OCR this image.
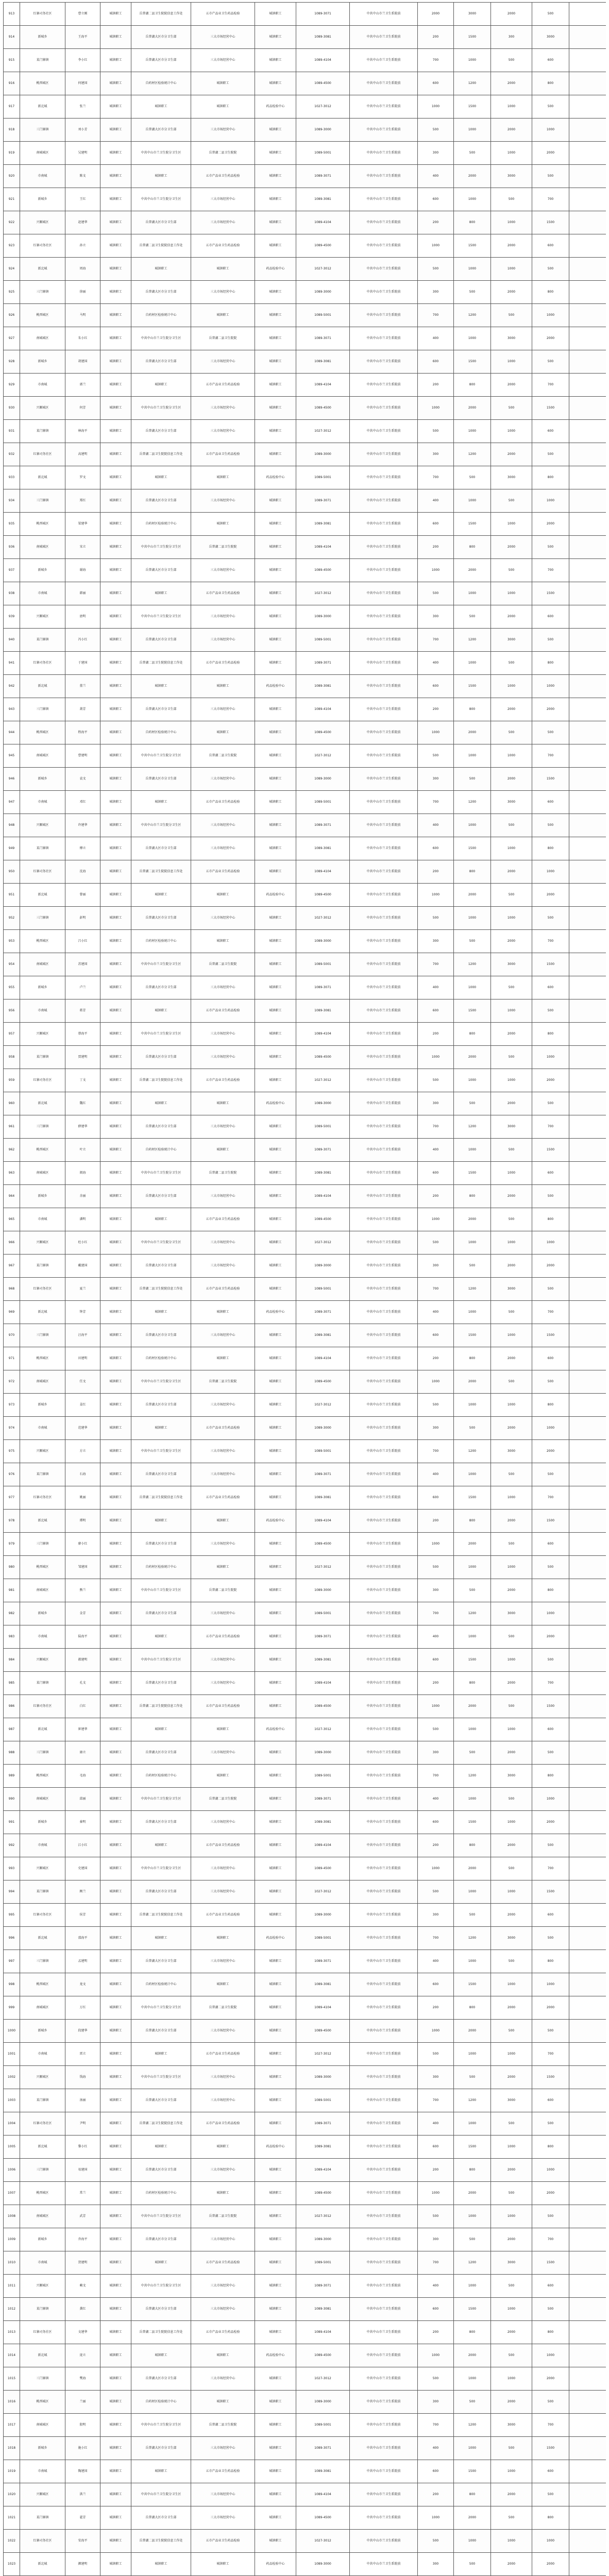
913	红寨司务社区	曹立刚	城镇职工	岳普湖二县卫生院院信息工作处	五市产品业卫生药品检验	城镇职工	1089-3071	中共中山市兰卫生系院前	2000	3000	2000	500	
914	新城乡	王海平	城镇职工	岳普湖大区市分卫生部	三大市场经营中心	城镇职工	1089-3081	中共中山市兰卫生系院前	200	1500	300	3000	
915	某门寨镇	李小红	城镇职工	岳普湖大区市分卫生部	三大市场经营中心	城镇职工	1089-4104	中共中山市兰卫生系院前	700	1000	500	600	
916	桃西城区	何建国	城镇职工	自药材区检验统计中心	城镇职工	城镇职工	1089-4500	中共中山市兰卫生系院前	600	1200	2000	800	
917	新北城	张兰	城镇职工	城镇职工	城镇职工	药品检验中心	1027-3012	中共中山市兰卫生系院前	1000	1500	1000	500	
918	三门寨镇	刘小芳	城镇职工	岳普湖大区市分卫生部	三大市场经营中心	城镇职工	1089-3000	中共中山市兰卫生系院前	500	1000	2000	1000	
919	南城城区	吴建明	城镇职工	中共中山市兰卫生院分卫生区	岳普湖二县卫生院院	城镇职工	1089-5001	中共中山市兰卫生系院前	300	500	1000	2000	
920	市南城	陈文	城镇职工	城镇职工	五市产品业卫生药品检验	城镇职工	1089-3071	中共中山市兰卫生系院前	400	2000	3000	500	
921	新城乡	王红	城镇职工	中共中山市兰卫生院分卫生区	三大市场经营中心	城镇职工	1089-3081	中共中山市兰卫生系院前	600	1000	500	700	
922	兴顺城区	赵建华	城镇职工	岳普湖大区市分卫生部	三大市场经营中心	城镇职工	1089-4104	中共中山市兰卫生系院前	200	800	1000	1500	
923	红寨司务社区	孙立	城镇职工	岳普湖二县卫生院院信息工作处	五市产品业卫生药品检验	城镇职工	1089-4500	中共中山市兰卫生系院前	1000	1500	2000	600	
924	新北城	周海	城镇职工	城镇职工	城镇职工	药品检验中心	1027-3012	中共中山市兰卫生系院前	500	1000	1000	500	
925	三门寨镇	徐丽	城镇职工	岳普湖大区市分卫生部	三大市场经营中心	城镇职工	1089-3000	中共中山市兰卫生系院前	300	500	2000	800	
926	桃西城区	马明	城镇职工	自药材区检验统计中心	城镇职工	城镇职工	1089-5001	中共中山市兰卫生系院前	700	1200	500	1000	
927	南城城区	朱小红	城镇职工	中共中山市兰卫生院分卫生区	岳普湖二县卫生院院	城镇职工	1089-3071	中共中山市兰卫生系院前	400	1000	3000	2000	
928	新城乡	胡建国	城镇职工	岳普湖大区市分卫生部	三大市场经营中心	城镇职工	1089-3081	中共中山市兰卫生系院前	600	1500	1000	500	
929	市南城	郭兰	城镇职工	城镇职工	五市产品业卫生药品检验	城镇职工	1089-4104	中共中山市兰卫生系院前	200	800	2000	700	
930	兴顺城区	何芳	城镇职工	中共中山市兰卫生院分卫生区	三大市场经营中心	城镇职工	1089-4500	中共中山市兰卫生系院前	1000	2000	500	1500	
931	某门寨镇	林海平	城镇职工	岳普湖大区市分卫生部	三大市场经营中心	城镇职工	1027-3012	中共中山市兰卫生系院前	500	1000	1000	600	
932	红寨司务社区	高建明	城镇职工	岳普湖二县卫生院院信息工作处	五市产品业卫生药品检验	城镇职工	1089-3000	中共中山市兰卫生系院前	300	1200	2000	500	
933	新北城	罗文	城镇职工	城镇职工	城镇职工	药品检验中心	1089-5001	中共中山市兰卫生系院前	700	500	3000	800	
934	三门寨镇	郑红	城镇职工	岳普湖大区市分卫生部	三大市场经营中心	城镇职工	1089-3071	中共中山市兰卫生系院前	400	1000	500	1000	
935	桃西城区	梁建华	城镇职工	自药材区检验统计中心	城镇职工	城镇职工	1089-3081	中共中山市兰卫生系院前	600	1500	1000	2000	
936	南城城区	宋立	城镇职工	中共中山市兰卫生院分卫生区	岳普湖二县卫生院院	城镇职工	1089-4104	中共中山市兰卫生系院前	200	800	2000	500	
937	新城乡	谢海	城镇职工	岳普湖大区市分卫生部	三大市场经营中心	城镇职工	1089-4500	中共中山市兰卫生系院前	1000	2000	500	700	
938	市南城	韩丽	城镇职工	城镇职工	五市产品业卫生药品检验	城镇职工	1027-3012	中共中山市兰卫生系院前	500	1000	1000	1500	
939	兴顺城区	唐明	城镇职工	中共中山市兰卫生院分卫生区	三大市场经营中心	城镇职工	1089-3000	中共中山市兰卫生系院前	300	500	2000	600	
940	某门寨镇	冯小红	城镇职工	岳普湖大区市分卫生部	三大市场经营中心	城镇职工	1089-5001	中共中山市兰卫生系院前	700	1200	3000	500	
941	红寨司务社区	于建国	城镇职工	岳普湖二县卫生院院信息工作处	五市产品业卫生药品检验	城镇职工	1089-3071	中共中山市兰卫生系院前	400	1000	500	800	
942	新北城	董兰	城镇职工	城镇职工	城镇职工	药品检验中心	1089-3081	中共中山市兰卫生系院前	600	1500	1000	1000	
943	三门寨镇	萧芳	城镇职工	岳普湖大区市分卫生部	三大市场经营中心	城镇职工	1089-4104	中共中山市兰卫生系院前	200	800	2000	2000	
944	桃西城区	程海平	城镇职工	自药材区检验统计中心	城镇职工	城镇职工	1089-4500	中共中山市兰卫生系院前	1000	2000	500	500	
945	南城城区	曹建明	城镇职工	中共中山市兰卫生院分卫生区	岳普湖二县卫生院院	城镇职工	1027-3012	中共中山市兰卫生系院前	500	1000	1000	700	
946	新城乡	袁文	城镇职工	岳普湖大区市分卫生部	三大市场经营中心	城镇职工	1089-3000	中共中山市兰卫生系院前	300	500	2000	1500	
947	市南城	邓红	城镇职工	城镇职工	五市产品业卫生药品检验	城镇职工	1089-5001	中共中山市兰卫生系院前	700	1200	3000	600	
948	兴顺城区	许建华	城镇职工	中共中山市兰卫生院分卫生区	三大市场经营中心	城镇职工	1089-3071	中共中山市兰卫生系院前	400	1000	500	500	
949	某门寨镇	傅立	城镇职工	岳普湖大区市分卫生部	三大市场经营中心	城镇职工	1089-3081	中共中山市兰卫生系院前	600	1500	1000	800	
950	红寨司务社区	沈海	城镇职工	岳普湖二县卫生院院信息工作处	五市产品业卫生药品检验	城镇职工	1089-4104	中共中山市兰卫生系院前	200	800	2000	1000	
951	新北城	曾丽	城镇职工	城镇职工	城镇职工	药品检验中心	1089-4500	中共中山市兰卫生系院前	1000	2000	500	2000	
952	三门寨镇	彭明	城镇职工	岳普湖大区市分卫生部	三大市场经营中心	城镇职工	1027-3012	中共中山市兰卫生系院前	500	1000	1000	500	
953	桃西城区	吕小红	城镇职工	自药材区检验统计中心	城镇职工	城镇职工	1089-3000	中共中山市兰卫生系院前	300	500	2000	700	
954	南城城区	苏建国	城镇职工	中共中山市兰卫生院分卫生区	岳普湖二县卫生院院	城镇职工	1089-5001	中共中山市兰卫生系院前	700	1200	3000	1500	
955	新城乡	卢兰	城镇职工	岳普湖大区市分卫生部	三大市场经营中心	城镇职工	1089-3071	中共中山市兰卫生系院前	400	1000	500	600	
956	市南城	蒋芳	城镇职工	城镇职工	五市产品业卫生药品检验	城镇职工	1089-3081	中共中山市兰卫生系院前	600	1500	1000	500	
957	兴顺城区	蔡海平	城镇职工	中共中山市兰卫生院分卫生区	三大市场经营中心	城镇职工	1089-4104	中共中山市兰卫生系院前	200	800	2000	800	
958	某门寨镇	贾建明	城镇职工	岳普湖大区市分卫生部	三大市场经营中心	城镇职工	1089-4500	中共中山市兰卫生系院前	1000	2000	500	1000	
959	红寨司务社区	丁文	城镇职工	岳普湖二县卫生院院信息工作处	五市产品业卫生药品检验	城镇职工	1027-3012	中共中山市兰卫生系院前	500	1000	1000	2000	
960	新北城	魏红	城镇职工	城镇职工	城镇职工	药品检验中心	1089-3000	中共中山市兰卫生系院前	300	500	2000	500	
961	三门寨镇	薛建华	城镇职工	岳普湖大区市分卫生部	三大市场经营中心	城镇职工	1089-5001	中共中山市兰卫生系院前	700	1200	3000	700	
962	桃西城区	叶立	城镇职工	自药材区检验统计中心	城镇职工	城镇职工	1089-3071	中共中山市兰卫生系院前	400	1000	500	1500	
963	南城城区	阎海	城镇职工	中共中山市兰卫生院分卫生区	岳普湖二县卫生院院	城镇职工	1089-3081	中共中山市兰卫生系院前	600	1500	1000	600	
964	新城乡	余丽	城镇职工	岳普湖大区市分卫生部	三大市场经营中心	城镇职工	1089-4104	中共中山市兰卫生系院前	200	800	2000	500	
965	市南城	潘明	城镇职工	城镇职工	五市产品业卫生药品检验	城镇职工	1089-4500	中共中山市兰卫生系院前	1000	2000	500	800	
966	兴顺城区	杜小红	城镇职工	中共中山市兰卫生院分卫生区	三大市场经营中心	城镇职工	1027-3012	中共中山市兰卫生系院前	500	1000	1000	1000	
967	某门寨镇	戴建国	城镇职工	岳普湖大区市分卫生部	三大市场经营中心	城镇职工	1089-3000	中共中山市兰卫生系院前	300	500	2000	2000	
968	红寨司务社区	夏兰	城镇职工	岳普湖二县卫生院院信息工作处	五市产品业卫生药品检验	城镇职工	1089-5001	中共中山市兰卫生系院前	700	1200	3000	500	
969	新北城	钟芳	城镇职工	城镇职工	城镇职工	药品检验中心	1089-3071	中共中山市兰卫生系院前	400	1000	500	700	
970	三门寨镇	汪海平	城镇职工	岳普湖大区市分卫生部	三大市场经营中心	城镇职工	1089-3081	中共中山市兰卫生系院前	600	1500	1000	1500	
971	桃西城区	田建明	城镇职工	自药材区检验统计中心	城镇职工	城镇职工	1089-4104	中共中山市兰卫生系院前	200	800	2000	600	
972	南城城区	任文	城镇职工	中共中山市兰卫生院分卫生区	岳普湖二县卫生院院	城镇职工	1089-4500	中共中山市兰卫生系院前	1000	2000	500	500	
973	新城乡	姜红	城镇职工	岳普湖大区市分卫生部	三大市场经营中心	城镇职工	1027-3012	中共中山市兰卫生系院前	500	1000	1000	800	
974	市南城	范建华	城镇职工	城镇职工	五市产品业卫生药品检验	城镇职工	1089-3000	中共中山市兰卫生系院前	300	500	2000	1000	
975	兴顺城区	方立	城镇职工	中共中山市兰卫生院分卫生区	三大市场经营中心	城镇职工	1089-5001	中共中山市兰卫生系院前	700	1200	3000	2000	
976	某门寨镇	石海	城镇职工	岳普湖大区市分卫生部	三大市场经营中心	城镇职工	1089-3071	中共中山市兰卫生系院前	400	1000	500	500	
977	红寨司务社区	姚丽	城镇职工	岳普湖二县卫生院院信息工作处	五市产品业卫生药品检验	城镇职工	1089-3081	中共中山市兰卫生系院前	600	1500	1000	700	
978	新北城	谭明	城镇职工	城镇职工	城镇职工	药品检验中心	1089-4104	中共中山市兰卫生系院前	200	800	2000	1500	
979	三门寨镇	廖小红	城镇职工	岳普湖大区市分卫生部	三大市场经营中心	城镇职工	1089-4500	中共中山市兰卫生系院前	1000	2000	500	600	
980	桃西城区	邹建国	城镇职工	自药材区检验统计中心	城镇职工	城镇职工	1027-3012	中共中山市兰卫生系院前	500	1000	1000	500	
981	南城城区	熊兰	城镇职工	中共中山市兰卫生院分卫生区	岳普湖二县卫生院院	城镇职工	1089-3000	中共中山市兰卫生系院前	300	500	2000	800	
982	新城乡	金芳	城镇职工	岳普湖大区市分卫生部	三大市场经营中心	城镇职工	1089-5001	中共中山市兰卫生系院前	700	1200	3000	1000	
983	市南城	陆海平	城镇职工	城镇职工	五市产品业卫生药品检验	城镇职工	1089-3071	中共中山市兰卫生系院前	400	1000	500	2000	
984	兴顺城区	郝建明	城镇职工	中共中山市兰卫生院分卫生区	三大市场经营中心	城镇职工	1089-3081	中共中山市兰卫生系院前	600	1500	1000	500	
985	某门寨镇	孔文	城镇职工	岳普湖大区市分卫生部	三大市场经营中心	城镇职工	1089-4104	中共中山市兰卫生系院前	200	800	2000	700	
986	红寨司务社区	白红	城镇职工	岳普湖二县卫生院院信息工作处	五市产品业卫生药品检验	城镇职工	1089-4500	中共中山市兰卫生系院前	1000	2000	500	1500	
987	新北城	崔建华	城镇职工	城镇职工	城镇职工	药品检验中心	1027-3012	中共中山市兰卫生系院前	500	1000	1000	600	
988	三门寨镇	康立	城镇职工	岳普湖大区市分卫生部	三大市场经营中心	城镇职工	1089-3000	中共中山市兰卫生系院前	300	500	2000	500	
989	桃西城区	毛海	城镇职工	自药材区检验统计中心	城镇职工	城镇职工	1089-5001	中共中山市兰卫生系院前	700	1200	3000	800	
990	南城城区	邱丽	城镇职工	中共中山市兰卫生院分卫生区	岳普湖二县卫生院院	城镇职工	1089-3071	中共中山市兰卫生系院前	400	1000	500	1000	
991	新城乡	秦明	城镇职工	岳普湖大区市分卫生部	三大市场经营中心	城镇职工	1089-3081	中共中山市兰卫生系院前	600	1500	1000	2000	
992	市南城	江小红	城镇职工	城镇职工	五市产品业卫生药品检验	城镇职工	1089-4104	中共中山市兰卫生系院前	200	800	2000	500	
993	兴顺城区	史建国	城镇职工	中共中山市兰卫生院分卫生区	三大市场经营中心	城镇职工	1089-4500	中共中山市兰卫生系院前	1000	2000	500	700	
994	某门寨镇	顾兰	城镇职工	岳普湖大区市分卫生部	三大市场经营中心	城镇职工	1027-3012	中共中山市兰卫生系院前	500	1000	1000	1500	
995	红寨司务社区	侯芳	城镇职工	岳普湖二县卫生院院信息工作处	五市产品业卫生药品检验	城镇职工	1089-3000	中共中山市兰卫生系院前	300	500	2000	600	
996	新北城	邵海平	城镇职工	城镇职工	城镇职工	药品检验中心	1089-5001	中共中山市兰卫生系院前	700	1200	3000	500	
997	三门寨镇	孟建明	城镇职工	岳普湖大区市分卫生部	三大市场经营中心	城镇职工	1089-3071	中共中山市兰卫生系院前	400	1000	500	800	
998	桃西城区	龙文	城镇职工	自药材区检验统计中心	城镇职工	城镇职工	1089-3081	中共中山市兰卫生系院前	600	1500	1000	1000	
999	南城城区	万红	城镇职工	中共中山市兰卫生院分卫生区	岳普湖二县卫生院院	城镇职工	1089-4104	中共中山市兰卫生系院前	200	800	2000	2000	
1000	新城乡	段建华	城镇职工	岳普湖大区市分卫生部	三大市场经营中心	城镇职工	1089-4500	中共中山市兰卫生系院前	1000	2000	500	500	
1001	市南城	雷立	城镇职工	城镇职工	五市产品业卫生药品检验	城镇职工	1027-3012	中共中山市兰卫生系院前	500	1000	1000	700	
1002	兴顺城区	钱海	城镇职工	中共中山市兰卫生院分卫生区	三大市场经营中心	城镇职工	1089-3000	中共中山市兰卫生系院前	300	500	2000	1500	
1003	某门寨镇	汤丽	城镇职工	岳普湖大区市分卫生部	三大市场经营中心	城镇职工	1089-5001	中共中山市兰卫生系院前	700	1200	3000	600	
1004	红寨司务社区	尹明	城镇职工	岳普湖二县卫生院院信息工作处	五市产品业卫生药品检验	城镇职工	1089-3071	中共中山市兰卫生系院前	400	1000	500	500	
1005	新北城	黎小红	城镇职工	城镇职工	城镇职工	药品检验中心	1089-3081	中共中山市兰卫生系院前	600	1500	1000	800	
1006	三门寨镇	易建国	城镇职工	岳普湖大区市分卫生部	三大市场经营中心	城镇职工	1089-4104	中共中山市兰卫生系院前	200	800	2000	1000	
1007	桃西城区	常兰	城镇职工	自药材区检验统计中心	城镇职工	城镇职工	1089-4500	中共中山市兰卫生系院前	1000	2000	500	2000	
1008	南城城区	武芳	城镇职工	中共中山市兰卫生院分卫生区	岳普湖二县卫生院院	城镇职工	1027-3012	中共中山市兰卫生系院前	500	1000	1000	500	
1009	新城乡	乔海平	城镇职工	岳普湖大区市分卫生部	三大市场经营中心	城镇职工	1089-3000	中共中山市兰卫生系院前	300	500	2000	700	
1010	市南城	贺建明	城镇职工	城镇职工	五市产品业卫生药品检验	城镇职工	1089-5001	中共中山市兰卫生系院前	700	1200	3000	1500	
1011	兴顺城区	赖文	城镇职工	中共中山市兰卫生院分卫生区	三大市场经营中心	城镇职工	1089-3071	中共中山市兰卫生系院前	400	1000	500	600	
1012	某门寨镇	龚红	城镇职工	岳普湖大区市分卫生部	三大市场经营中心	城镇职工	1089-3081	中共中山市兰卫生系院前	600	1500	1000	500	
1013	红寨司务社区	文建华	城镇职工	岳普湖二县卫生院院信息工作处	五市产品业卫生药品检验	城镇职工	1089-4104	中共中山市兰卫生系院前	200	800	2000	800	
1014	新北城	庞立	城镇职工	城镇职工	城镇职工	药品检验中心	1089-4500	中共中山市兰卫生系院前	1000	2000	500	1000	
1015	三门寨镇	樊海	城镇职工	岳普湖大区市分卫生部	三大市场经营中心	城镇职工	1027-3012	中共中山市兰卫生系院前	500	1000	1000	2000	
1016	桃西城区	兰丽	城镇职工	自药材区检验统计中心	城镇职工	城镇职工	1089-3000	中共中山市兰卫生系院前	300	500	2000	500	
1017	南城城区	殷明	城镇职工	中共中山市兰卫生院分卫生区	岳普湖二县卫生院院	城镇职工	1089-5001	中共中山市兰卫生系院前	700	1200	3000	700	
1018	新城乡	施小红	城镇职工	岳普湖大区市分卫生部	三大市场经营中心	城镇职工	1089-3071	中共中山市兰卫生系院前	400	1000	500	1500	
1019	市南城	陶建国	城镇职工	城镇职工	五市产品业卫生药品检验	城镇职工	1089-3081	中共中山市兰卫生系院前	600	1500	1000	600	
1020	兴顺城区	洪兰	城镇职工	中共中山市兰卫生院分卫生区	三大市场经营中心	城镇职工	1089-4104	中共中山市兰卫生系院前	200	800	2000	500	
1021	某门寨镇	翟芳	城镇职工	岳普湖大区市分卫生部	三大市场经营中心	城镇职工	1089-4500	中共中山市兰卫生系院前	1000	2000	500	800	
1022	红寨司务社区	安海平	城镇职工	岳普湖二县卫生院院信息工作处	五市产品业卫生药品检验	城镇职工	1027-3012	中共中山市兰卫生系院前	500	1000	1000	1000	
1023	新北城	颜建明	城镇职工	城镇职工	城镇职工	药品检验中心	1089-3000	中共中山市兰卫生系院前	300	500	2000	2000	
